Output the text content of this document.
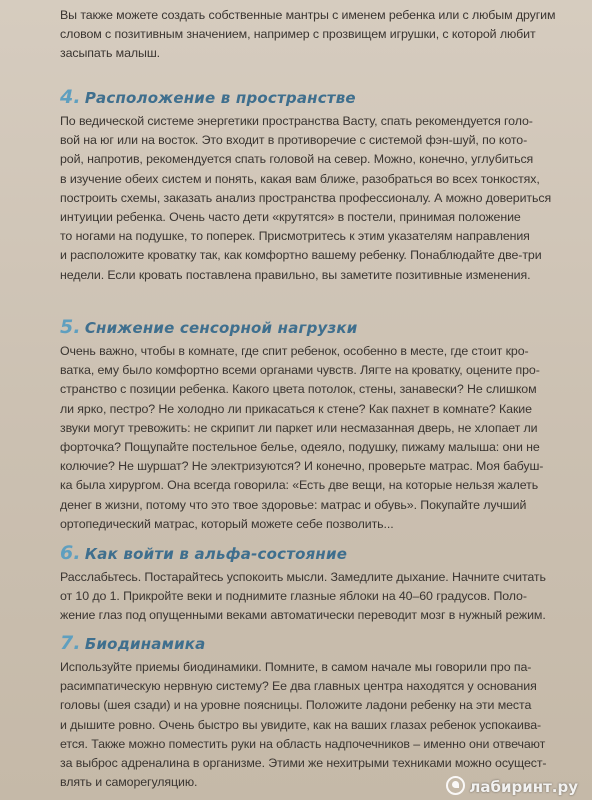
Вы также можете создать собственные мантры с именем ребенка или с любым другим
словом с позитивным значением, например с прозвищем игрушки, с которой любит
засыпать малыш.

4. Расположение в пространстве

По ведической системе энергетики пространства Васту, спать рекомендуется голо-
вой на юг или на восток. Это входит в противоречие с системой фэн-шуй, по кото-
рой, напротив, рекомендуется спать головой на север. Можно, конечно, углубиться
в изучение обеих систем и понять, какая вам ближе, разобраться во всех тонкостях,
построить схемы, заказать анализ пространства профессионалу. А можно довериться
интуиции ребенка. Очень часто дети «крутятся» в постели, принимая положение
то ногами на подушке, то поперек. Присмотритесь к этим указателям направления
и расположите кроватку так, как комфортно вашему ребенку. Понаблюдайте две-три
недели. Если кровать поставлена правильно, вы заметите позитивные изменения.

5. Снижение сенсорной нагрузки

Очень важно, чтобы в комнате, где спит ребенок, особенно в месте, где стоит кро-
ватка, ему было комфортно всеми органами чувств. Лягте на кроватку, оцените про-
странство с позиции ребенка. Какого цвета потолок, стены, занавески? Не слишком
ли ярко, пестро? Не холодно ли прикасаться к стене? Как пахнет в комнате? Какие
звуки могут тревожить: не скрипит ли паркет или несмазанная дверь, не хлопает ли
форточка? Пощупайте постельное белье, одеяло, подушку, пижаму малыша: они не
колючие? Не шуршат? Не электризуются? И конечно, проверьте матрас. Моя бабуш-
ка была хирургом. Она всегда говорила: «Есть две вещи, на которые нельзя жалеть
денег в жизни, потому что это твое здоровье: матрас и обувь». Покупайте лучший
ортопедический матрас, который можете себе позволить...

6. Как войти в альфа-состояние

Расслабьтесь. Постарайтесь успокоить мысли. Замедлите дыхание. Начните считать
от 10 до 1. Прикройте веки и поднимите глазные яблоки на 40–60 градусов. Поло-
жение глаз под опущенными веками автоматически переводит мозг в нужный режим.

7. Биодинамика

Используйте приемы биодинамики. Помните, в самом начале мы говорили про па-
расимпатическую нервную систему? Ее два главных центра находятся у основания
головы (шея сзади) и на уровне поясницы. Положите ладони ребенку на эти места
и дышите ровно. Очень быстро вы увидите, как на ваших глазах ребенок успокаива-
ется. Также можно поместить руки на область надпочечников – именно они отвечают
за выброс адреналина в организме. Этими же нехитрыми техниками можно осущест-
влять и саморегуляцию.	лабиринт.ру
